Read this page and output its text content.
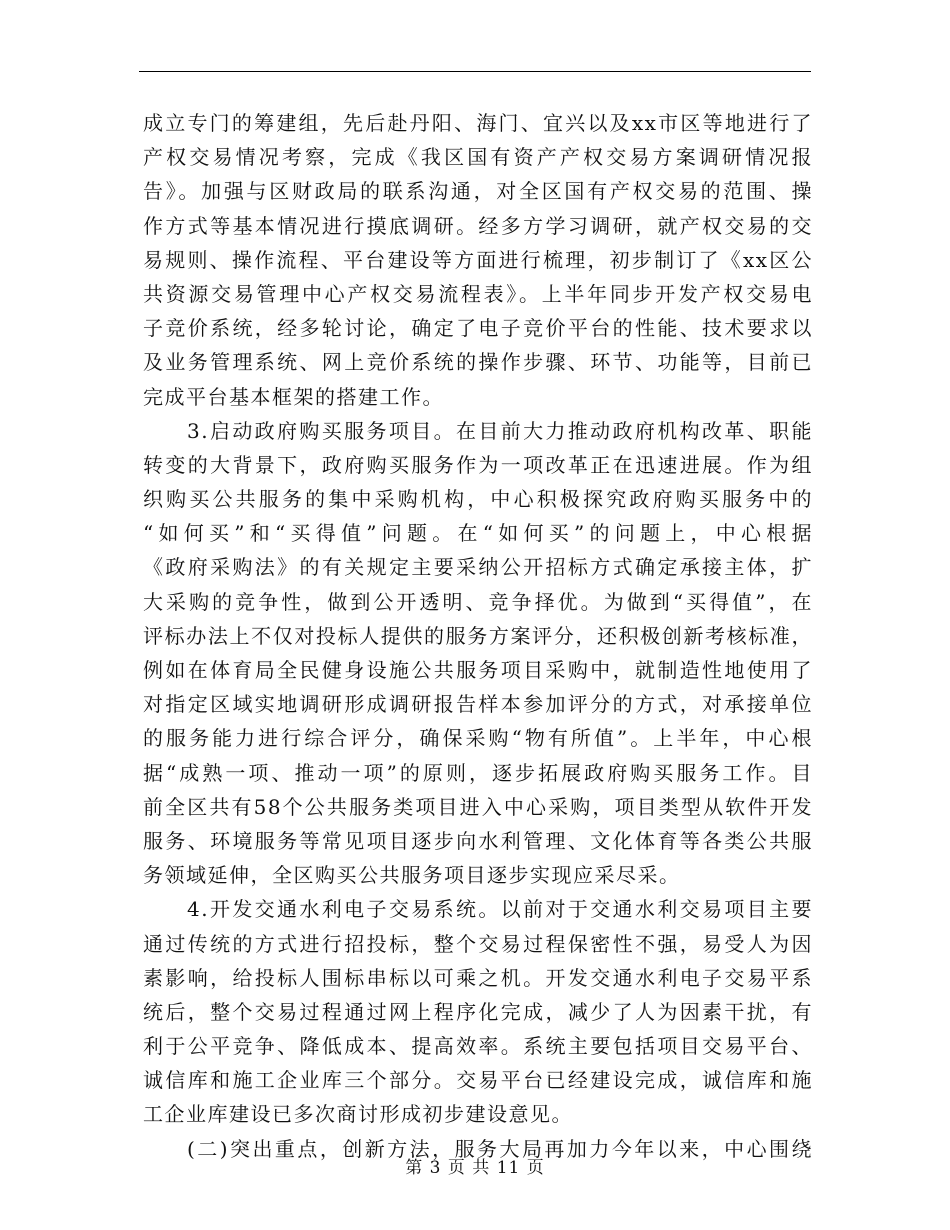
成立专门的筹建组，先后赴丹阳、海门、宜兴以及xx市区等地进行了
产权交易情况考察，完成《我区国有资产产权交易方案调研情况报
告》。加强与区财政局的联系沟通，对全区国有产权交易的范围、操
作方式等基本情况进行摸底调研。经多方学习调研，就产权交易的交
易规则、操作流程、平台建设等方面进行梳理，初步制订了《xx区公
共资源交易管理中心产权交易流程表》。上半年同步开发产权交易电
子竞价系统，经多轮讨论，确定了电子竞价平台的性能、技术要求以
及业务管理系统、网上竞价系统的操作步骤、环节、功能等，目前已
完成平台基本框架的搭建工作。
3.启动政府购买服务项目。在目前大力推动政府机构改革、职能
转变的大背景下，政府购买服务作为一项改革正在迅速进展。作为组
织购买公共服务的集中采购机构，中心积极探究政府购买服务中的
“如何买”和“买得值”问题。在“如何买”的问题上，中心根据
《政府采购法》的有关规定主要采纳公开招标方式确定承接主体，扩
大采购的竞争性，做到公开透明、竞争择优。为做到“买得值”，在
评标办法上不仅对投标人提供的服务方案评分，还积极创新考核标准，
例如在体育局全民健身设施公共服务项目采购中，就制造性地使用了
对指定区域实地调研形成调研报告样本参加评分的方式，对承接单位
的服务能力进行综合评分，确保采购“物有所值”。上半年，中心根
据“成熟一项、推动一项”的原则，逐步拓展政府购买服务工作。目
前全区共有58个公共服务类项目进入中心采购，项目类型从软件开发
服务、环境服务等常见项目逐步向水利管理、文化体育等各类公共服
务领域延伸，全区购买公共服务项目逐步实现应采尽采。
4.开发交通水利电子交易系统。以前对于交通水利交易项目主要
通过传统的方式进行招投标，整个交易过程保密性不强，易受人为因
素影响，给投标人围标串标以可乘之机。开发交通水利电子交易平系
统后，整个交易过程通过网上程序化完成，减少了人为因素干扰，有
利于公平竞争、降低成本、提高效率。系统主要包括项目交易平台、
诚信库和施工企业库三个部分。交易平台已经建设完成，诚信库和施
工企业库建设已多次商讨形成初步建设意见。
(二)突出重点，创新方法，服务大局再加力今年以来，中心围绕
第 3 页 共 11 页
